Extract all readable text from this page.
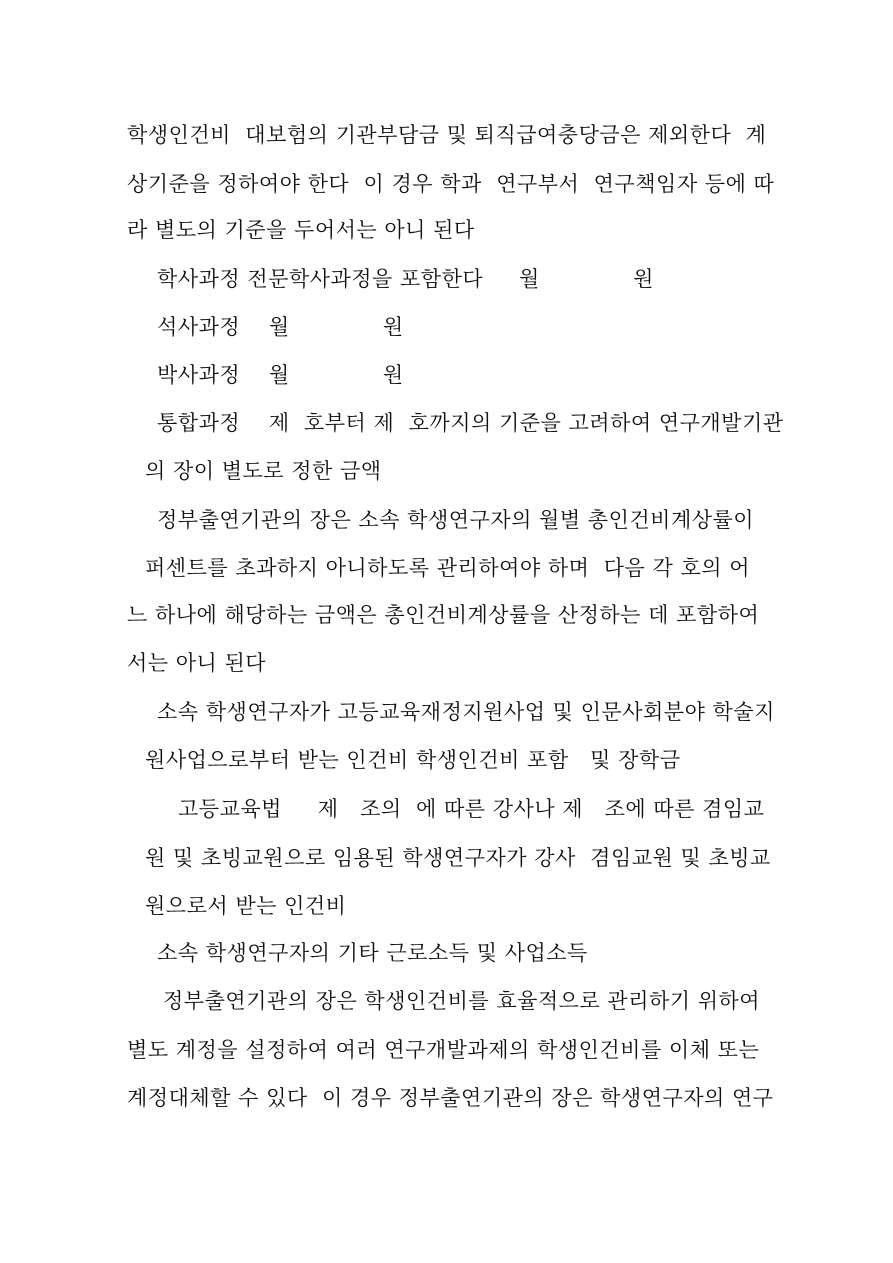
학생인건비  대보험의 기관부담금 및 퇴직급여충당금은 제외한다  계
상기준을 정하여야 한다  이 경우 학과  연구부서  연구책임자 등에 따
라 별도의 기준을 두어서는 아니 된다
학사과정 전문학사과정을 포함한다     월             원
석사과정    월             원
박사과정    월             원
통합과정    제  호부터 제  호까지의 기준을 고려하여 연구개발기관
의 장이 별도로 정한 금액
정부출연기관의 장은 소속 학생연구자의 월별 총인건비계상률이
퍼센트를 초과하지 아니하도록 관리하여야 하며  다음 각 호의 어
느 하나에 해당하는 금액은 총인건비계상률을 산정하는 데 포함하여
서는 아니 된다
소속 학생연구자가 고등교육재정지원사업 및 인문사회분야 학술지
원사업으로부터 받는 인건비 학생인건비 포함   및 장학금
고등교육법     제   조의  에 따른 강사나 제   조에 따른 겸임교
원 및 초빙교원으로 임용된 학생연구자가 강사  겸임교원 및 초빙교
원으로서 받는 인건비
소속 학생연구자의 기타 근로소득 및 사업소득
정부출연기관의 장은 학생인건비를 효율적으로 관리하기 위하여
별도 계정을 설정하여 여러 연구개발과제의 학생인건비를 이체 또는
계정대체할 수 있다  이 경우 정부출연기관의 장은 학생연구자의 연구
